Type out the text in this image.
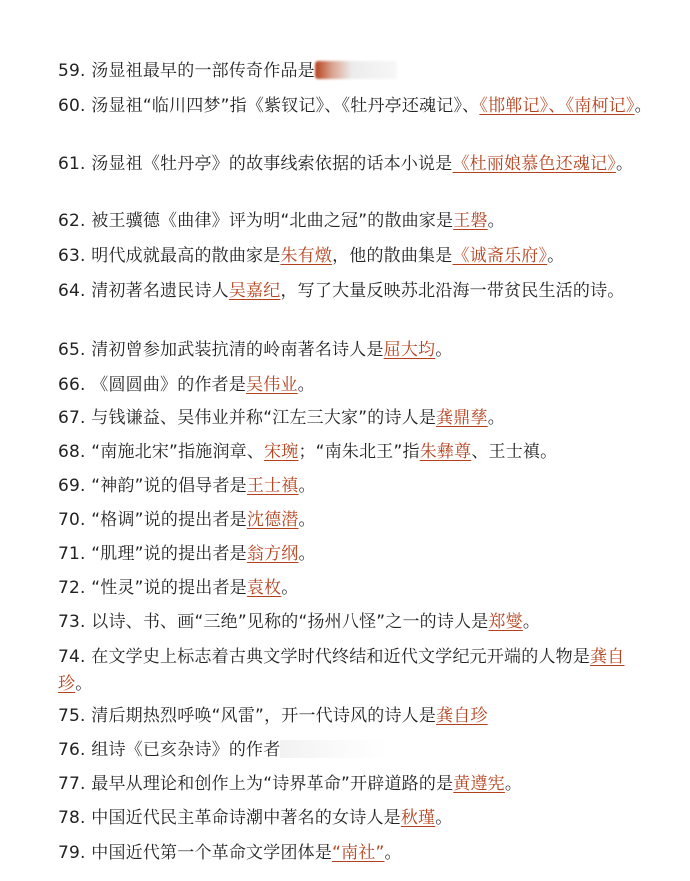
59. 汤显祖最早的一部传奇作品是
60. 汤显祖“临川四梦”指《紫钗记》、《牡丹亭还魂记》、《邯郸记》、《南柯记》。
61. 汤显祖《牡丹亭》的故事线索依据的话本小说是《杜丽娘慕色还魂记》。
62. 被王骥德《曲律》评为明“北曲之冠”的散曲家是王磐。
63. 明代成就最高的散曲家是朱有燉，他的散曲集是《诚斋乐府》。
64. 清初著名遗民诗人吴嘉纪，写了大量反映苏北沿海一带贫民生活的诗。
65. 清初曾参加武装抗清的岭南著名诗人是屈大均。
66. 《圆圆曲》的作者是吴伟业。
67. 与钱谦益、吴伟业并称“江左三大家”的诗人是龚鼎孳。
68. “南施北宋”指施润章、宋琬；“南朱北王”指朱彝尊、王士禛。
69. “神韵”说的倡导者是王士禛。
70. “格调”说的提出者是沈德潜。
71. “肌理”说的提出者是翁方纲。
72. “性灵”说的提出者是袁枚。
73. 以诗、书、画“三绝”见称的“扬州八怪”之一的诗人是郑燮。
74. 在文学史上标志着古典文学时代终结和近代文学纪元开端的人物是龚自珍。
75. 清后期热烈呼唤“风雷”，开一代诗风的诗人是龚自珍
76. 组诗《已亥杂诗》的作者
77. 最早从理论和创作上为“诗界革命”开辟道路的是黄遵宪。
78. 中国近代民主革命诗潮中著名的女诗人是秋瑾。
79. 中国近代第一个革命文学团体是“南社”。
